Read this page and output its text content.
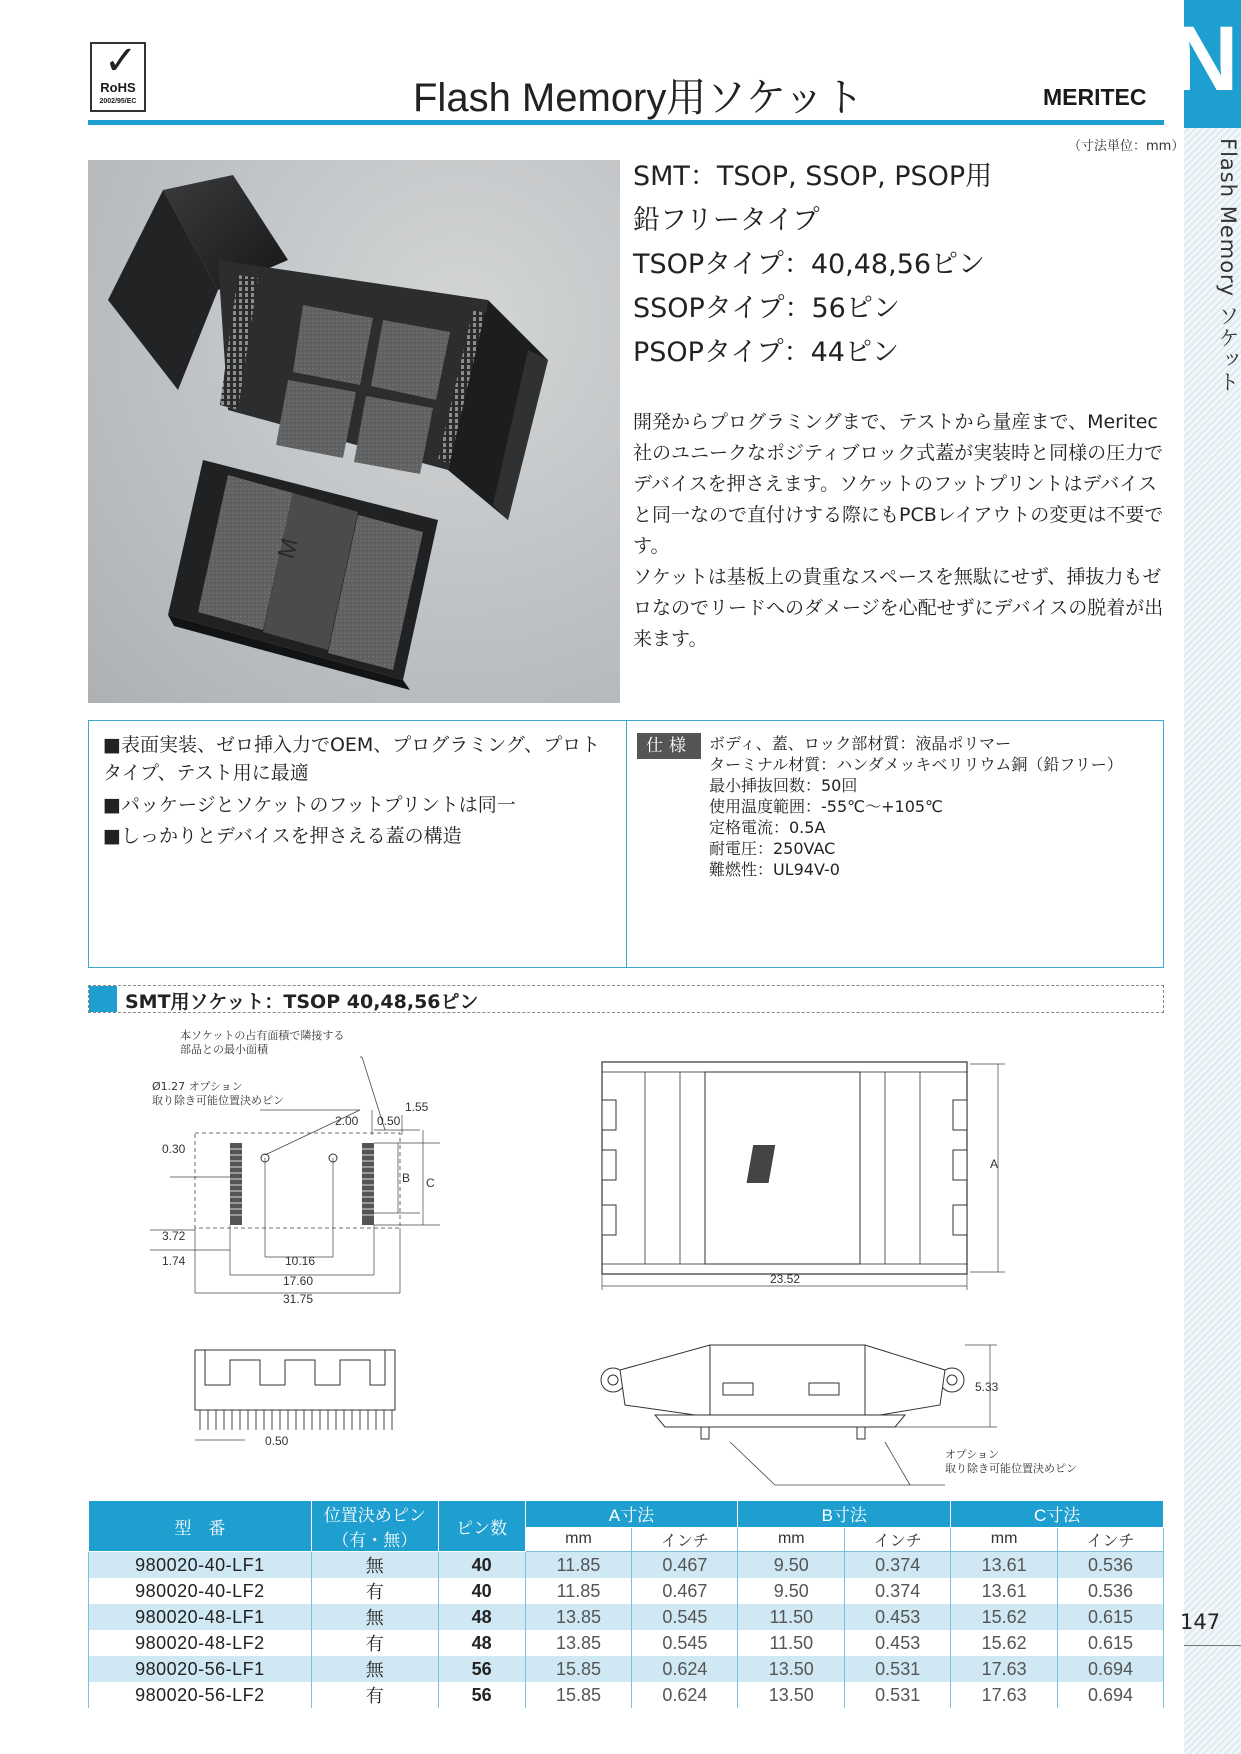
N
Flash Memory ソケット
147
✓
RoHS
2002/95/EC	Flash Memory用ソケット	MERITEC
（寸法単位：mm）
M
SMT：TSOP, SSOP, PSOP用
鉛フリータイプ
TSOPタイプ：40,48,56ピン
SSOPタイプ：56ピン
PSOPタイプ：44ピン
開発からプログラミングまで、テストから量産まで、Meritec社のユニークなポジティブロック式蓋が実装時と同様の圧力でデバイスを押さえます。ソケットのフットプリントはデバイスと同一なので直付けする際にもPCBレイアウトの変更は不要です。
ソケットは基板上の貴重なスペースを無駄にせず、挿抜力もゼロなのでリードへのダメージを心配せずにデバイスの脱着が出来ます。
■表面実装、ゼロ挿入力でOEM、プログラミング、プロトタイプ、テスト用に最適
■パッケージとソケットのフットプリントは同一
■しっかりとデバイスを押さえる蓋の構造
仕様	ボディ、蓋、ロック部材質：液晶ポリマー
ターミナル材質：ハンダメッキベリリウム銅（鉛フリー）
最小挿抜回数：50回
使用温度範囲：-55℃～+105℃
定格電流：0.5A
耐電圧：250VAC
難燃性：UL94V-0
SMT用ソケット：TSOP 40,48,56ピン
本ソケットの占有面積で隣接する
部品との最小面積
Ø1.27 オプション
取り除き可能位置決めピン	1.55
2.00 0.50
0.30
B C
3.72
1.74	10.16
17.60
31.75
A
23.52
0.50
5.33
オプション
取り除き可能位置決めピン
型　番	位置決めピン（有・無）	ピン数	A寸法		B寸法		C寸法	
			mm	インチ	mm	インチ	mm	インチ
980020-40-LF1	無	40	11.85	0.467	9.50	0.374	13.61	0.536
980020-40-LF2	有	40	11.85	0.467	9.50	0.374	13.61	0.536
980020-48-LF1	無	48	13.85	0.545	11.50	0.453	15.62	0.615
980020-48-LF2	有	48	13.85	0.545	11.50	0.453	15.62	0.615
980020-56-LF1	無	56	15.85	0.624	13.50	0.531	17.63	0.694
980020-56-LF2	有	56	15.85	0.624	13.50	0.531	17.63	0.694
